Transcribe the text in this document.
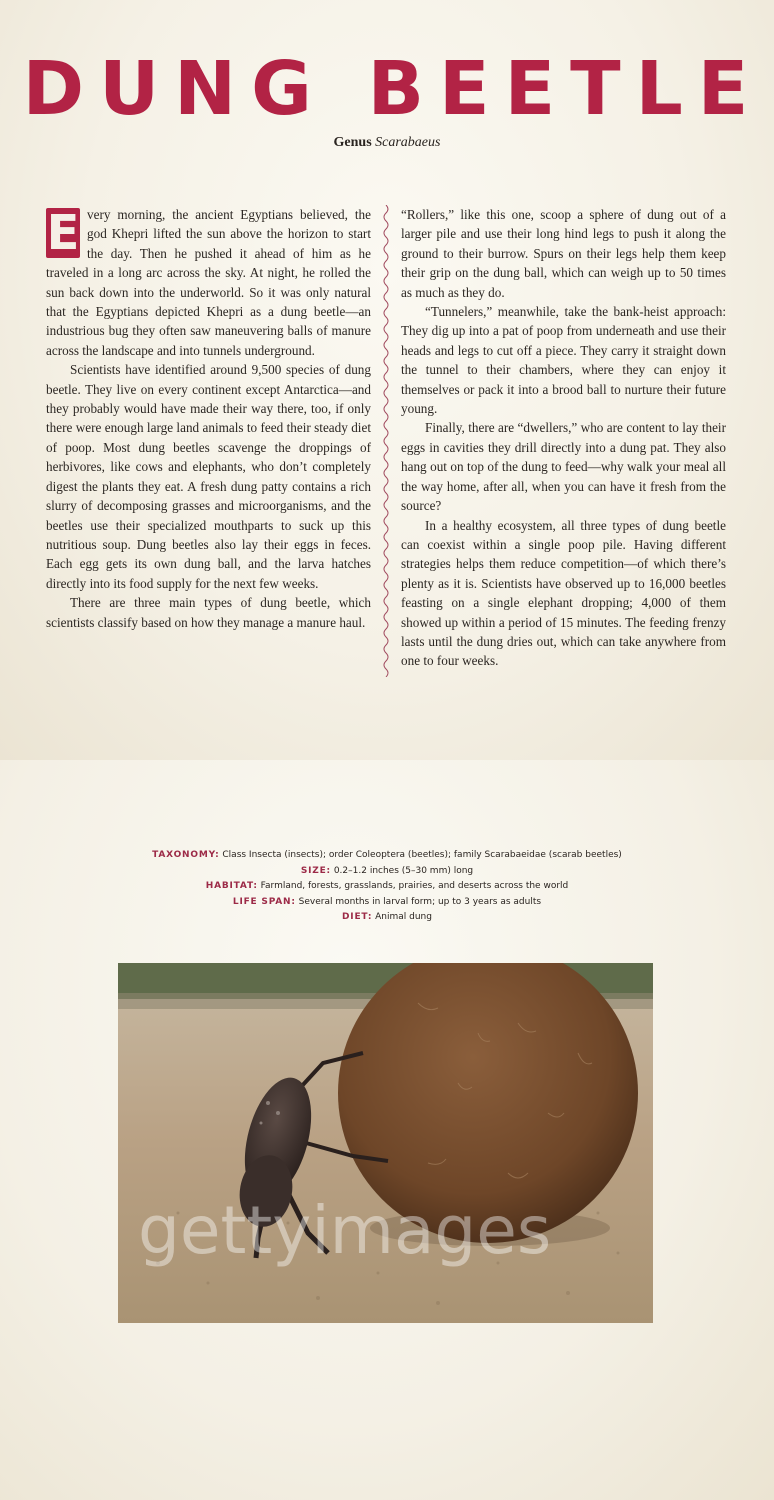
DUNG BEETLE
Genus Scarabaeus

E very morning, the ancient Egyptians believed, the god Khepri lifted the sun above the horizon to start the day. Then he pushed it ahead of him as he traveled in a long arc across the sky. At night, he rolled the sun back down into the underworld. So it was only natural that the Egyptians depicted Khepri as a dung beetle—an industrious bug they often saw maneuvering balls of manure across the landscape and into tunnels underground.

Scientists have identified around 9,500 species of dung beetle. They live on every continent except Antarctica—and they probably would have made their way there, too, if only there were enough large land animals to feed their steady diet of poop. Most dung beetles scavenge the droppings of herbivores, like cows and elephants, who don’t completely digest the plants they eat. A fresh dung patty contains a rich slurry of decomposing grasses and microorganisms, and the beetles use their specialized mouthparts to suck up this nutritious soup. Dung beetles also lay their eggs in feces. Each egg gets its own dung ball, and the larva hatches directly into its food supply for the next few weeks.

There are three main types of dung beetle, which scientists classify based on how they manage a manure haul.

“Rollers,” like this one, scoop a sphere of dung out of a larger pile and use their long hind legs to push it along the ground to their burrow. Spurs on their legs help them keep their grip on the dung ball, which can weigh up to 50 times as much as they do.

“Tunnelers,” meanwhile, take the bank-heist approach: They dig up into a pat of poop from underneath and use their heads and legs to cut off a piece. They carry it straight down the tunnel to their chambers, where they can enjoy it themselves or pack it into a brood ball to nurture their future young.

Finally, there are “dwellers,” who are content to lay their eggs in cavities they drill directly into a dung pat. They also hang out on top of the dung to feed—why walk your meal all the way home, after all, when you can have it fresh from the source?

In a healthy ecosystem, all three types of dung beetle can coexist within a single poop pile. Having different strategies helps them reduce competition—of which there’s plenty as it is. Scientists have observed up to 16,000 beetles feasting on a single elephant dropping; 4,000 of them showed up within a period of 15 minutes. The feeding frenzy lasts until the dung dries out, which can take anywhere from one to four weeks.

TAXONOMY: Class Insecta (insects); order Coleoptera (beetles); family Scarabaeidae (scarab beetles)
SIZE: 0.2–1.2 inches (5–30 mm) long
HABITAT: Farmland, forests, grasslands, prairies, and deserts across the world
LIFE SPAN: Several months in larval form; up to 3 years as adults
DIET: Animal dung
gettyimages
